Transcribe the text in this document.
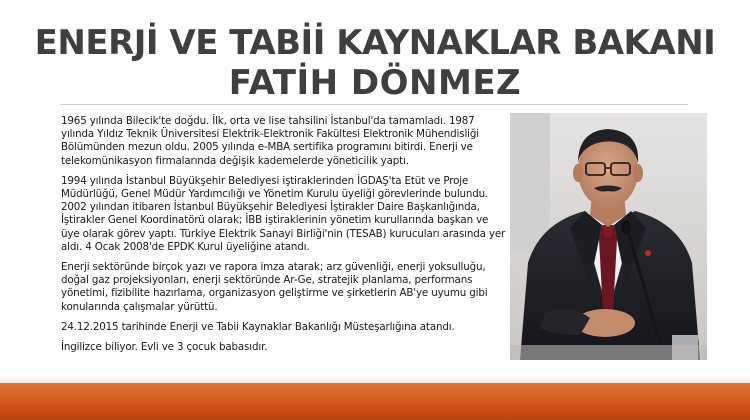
ENERJİ VE TABİİ KAYNAKLAR BAKANI
FATİH DÖNMEZ

1965 yılında Bilecik'te doğdu. İlk, orta ve lise tahsilini İstanbul'da tamamladı. 1987 yılında Yıldız Teknik Üniversitesi Elektrik-Elektronik Fakültesi Elektronik Mühendisliği Bölümünden mezun oldu. 2005 yılında e-MBA sertifika programını bitirdi. Enerji ve telekomünikasyon firmalarında değişik kademelerde yöneticilik yaptı.

1994 yılında İstanbul Büyükşehir Belediyesi iştiraklerinden İGDAŞ'ta Etüt ve Proje Müdürlüğü, Genel Müdür Yardımcılığı ve Yönetim Kurulu üyeliği görevlerinde bulundu. 2002 yılından itibaren İstanbul Büyükşehir Belediyesi İştirakler Daire Başkanlığında, İştirakler Genel Koordinatörü olarak; İBB iştiraklerinin yönetim kurullarında başkan ve üye olarak görev yaptı. Türkiye Elektrik Sanayi Birliği'nin (TESAB) kurucuları arasında yer aldı. 4 Ocak 2008'de EPDK Kurul üyeliğine atandı.

Enerji sektöründe birçok yazı ve rapora imza atarak; arz güvenliği, enerji yoksulluğu, doğal gaz projeksiyonları, enerji sektöründe Ar-Ge, stratejik planlama, performans yönetimi, fizibilite hazırlama, organizasyon geliştirme ve şirketlerin AB'ye uyumu gibi konularında çalışmalar yürüttü.

24.12.2015 tarihinde Enerji ve Tabii Kaynaklar Bakanlığı Müsteşarlığına atandı.

İngilizce biliyor. Evli ve 3 çocuk babasıdır.
